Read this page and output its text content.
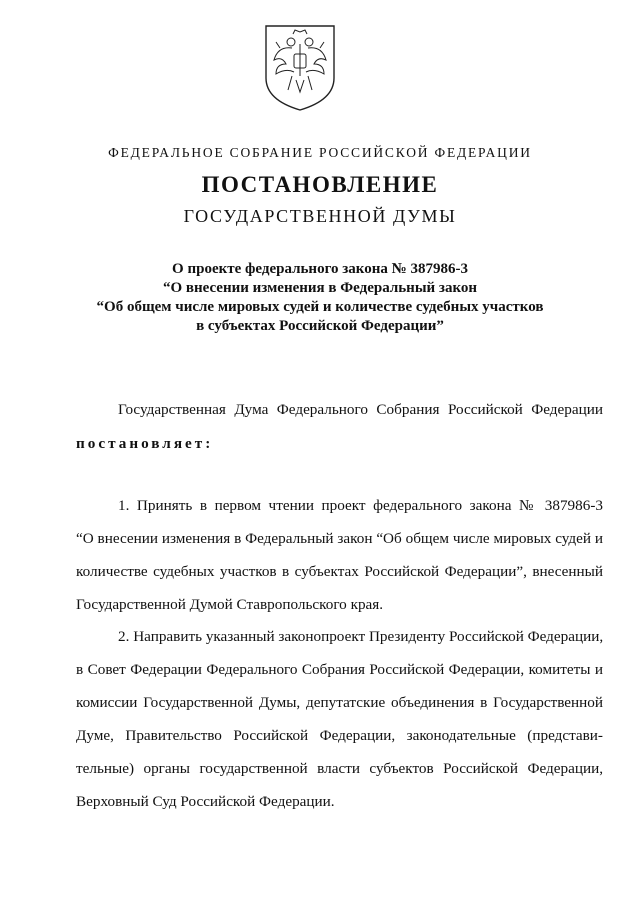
ФЕДЕРАЛЬНОЕ СОБРАНИЕ РОССИЙСКОЙ ФЕДЕРАЦИИ
ПОСТАНОВЛЕНИЕ
ГОСУДАРСТВЕННОЙ ДУМЫ
О проекте федерального закона № 387986-3
“О внесении изменения в Федеральный закон
“Об общем числе мировых судей и количестве судебных участков
в субъектах Российской Федерации”
Государственная Дума Федерального Собрания Российской Федерации
постановляет:
1. Принять в первом чтении проект федерального закона № 387986-3
“О внесении изменения в Федеральный закон “Об общем числе мировых судей и
количестве судебных участков в субъектах Российской Федерации”, внесенный
Государственной Думой Ставропольского края.
2. Направить указанный законопроект Президенту Российской Федерации,
в Совет Федерации Федерального Собрания Российской Федерации, комитеты и
комиссии Государственной Думы, депутатские объединения в Государственной
Думе, Правительство Российской Федерации, законодательные (представи-
тельные) органы государственной власти субъектов Российской Федерации,
Верховный Суд Российской Федерации.
